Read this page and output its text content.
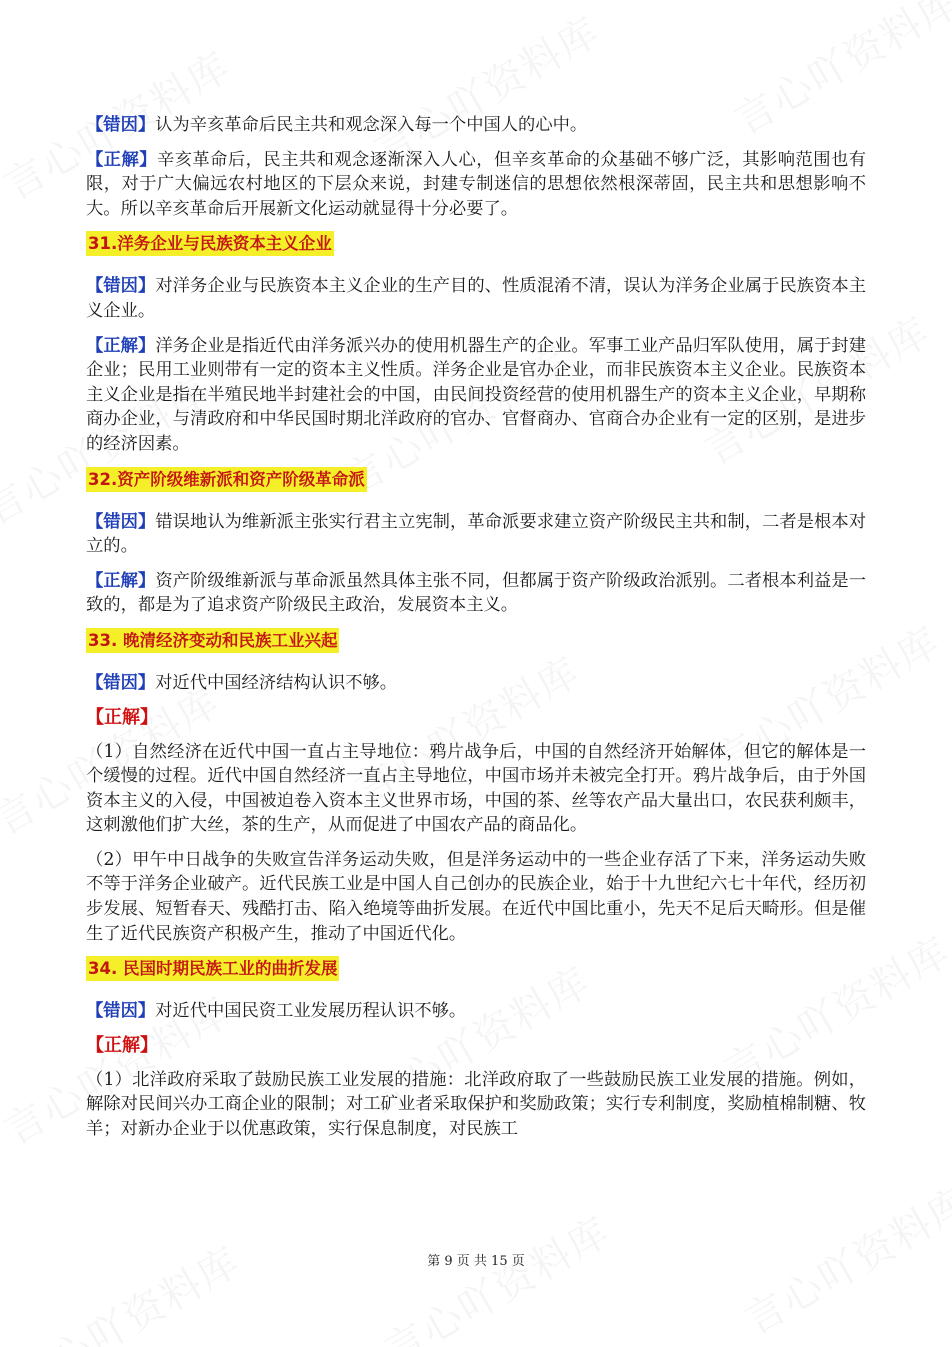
【错因】认为辛亥革命后民主共和观念深入每一个中国人的心中。

【正解】辛亥革命后，民主共和观念逐渐深入人心，但辛亥革命的众基础不够广泛，其影响范围也有限，对于广大偏远农村地区的下层众来说，封建专制迷信的思想依然根深蒂固，民主共和思想影响不大。所以辛亥革命后开展新文化运动就显得十分必要了。

31.洋务企业与民族资本主义企业

【错因】对洋务企业与民族资本主义企业的生产目的、性质混淆不清，误认为洋务企业属于民族资本主义企业。

【正解】洋务企业是指近代由洋务派兴办的使用机器生产的企业。军事工业产品归军队使用，属于封建企业；民用工业则带有一定的资本主义性质。洋务企业是官办企业，而非民族资本主义企业。民族资本主义企业是指在半殖民地半封建社会的中国，由民间投资经营的使用机器生产的资本主义企业，早期称商办企业，与清政府和中华民国时期北洋政府的官办、官督商办、官商合办企业有一定的区别，是进步的经济因素。

32.资产阶级维新派和资产阶级革命派

【错因】错误地认为维新派主张实行君主立宪制，革命派要求建立资产阶级民主共和制，二者是根本对立的。

【正解】资产阶级维新派与革命派虽然具体主张不同，但都属于资产阶级政治派别。二者根本利益是一致的，都是为了追求资产阶级民主政治，发展资本主义。

33. 晚清经济变动和民族工业兴起

【错因】对近代中国经济结构认识不够。

【正解】

（1）自然经济在近代中国一直占主导地位：鸦片战争后，中国的自然经济开始解体，但它的解体是一个缓慢的过程。近代中国自然经济一直占主导地位，中国市场并未被完全打开。鸦片战争后，由于外国资本主义的入侵，中国被迫卷入资本主义世界市场，中国的茶、丝等农产品大量出口，农民获利颇丰，这刺激他们扩大丝，茶的生产，从而促进了中国农产品的商品化。

（2）甲午中日战争的失败宣告洋务运动失败，但是洋务运动中的一些企业存活了下来，洋务运动失败不等于洋务企业破产。近代民族工业是中国人自己创办的民族企业，始于十九世纪六七十年代，经历初步发展、短暂春天、残酷打击、陷入绝境等曲折发展。在近代中国比重小，先天不足后天畸形。但是催生了近代民族资产积极产生，推动了中国近代化。

34. 民国时期民族工业的曲折发展

【错因】对近代中国民资工业发展历程认识不够。

【正解】

（1）北洋政府采取了鼓励民族工业发展的措施：北洋政府取了一些鼓励民族工业发展的措施。例如，解除对民间兴办工商企业的限制；对工矿业者采取保护和奖励政策；实行专利制度，奖励植棉制糖、牧羊；对新办企业于以优惠政策，实行保息制度，对民族工

第 9 页 共 15 页
